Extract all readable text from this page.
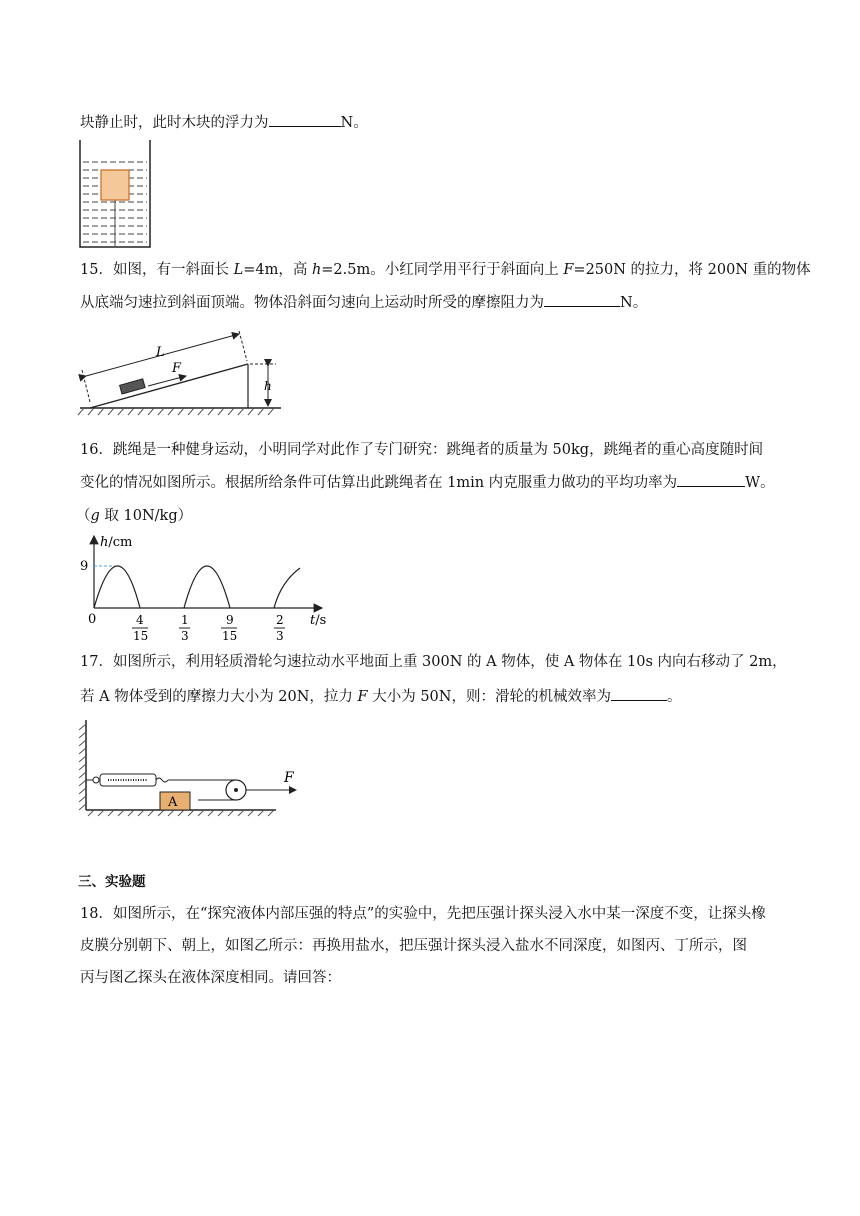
块静止时，此时木块的浮力为	N。
15．如图，有一斜面长 L=4m，高 h=2.5m。小红同学用平行于斜面向上 F=250N 的拉力，将 200N 重的物体
从底端匀速拉到斜面顶端。物体沿斜面匀速向上运动时所受的摩擦阻力为	N。
L
h
F
16．跳绳是一种健身运动，小明同学对此作了专门研究：跳绳者的质量为 50kg，跳绳者的重心高度随时间
变化的情况如图所示。根据所给条件可估算出此跳绳者在 1min 内克服重力做功的平均功率为	W。
（g 取 10N/kg）
h/cm
t/s
0
9
4
15
1
3
9
15
2
3
17．如图所示，利用轻质滑轮匀速拉动水平地面上重 300N 的 A 物体，使 A 物体在 10s 内向右移动了 2m，
若 A 物体受到的摩擦力大小为 20N，拉力 F 大小为 50N，则：滑轮的机械效率为	。
A
F
三、实验题
18．如图所示，在“探究液体内部压强的特点”的实验中，先把压强计探头浸入水中某一深度不变，让探头橡
皮膜分别朝下、朝上，如图乙所示：再换用盐水，把压强计探头浸入盐水不同深度，如图丙、丁所示，图
丙与图乙探头在液体深度相同。请回答：
